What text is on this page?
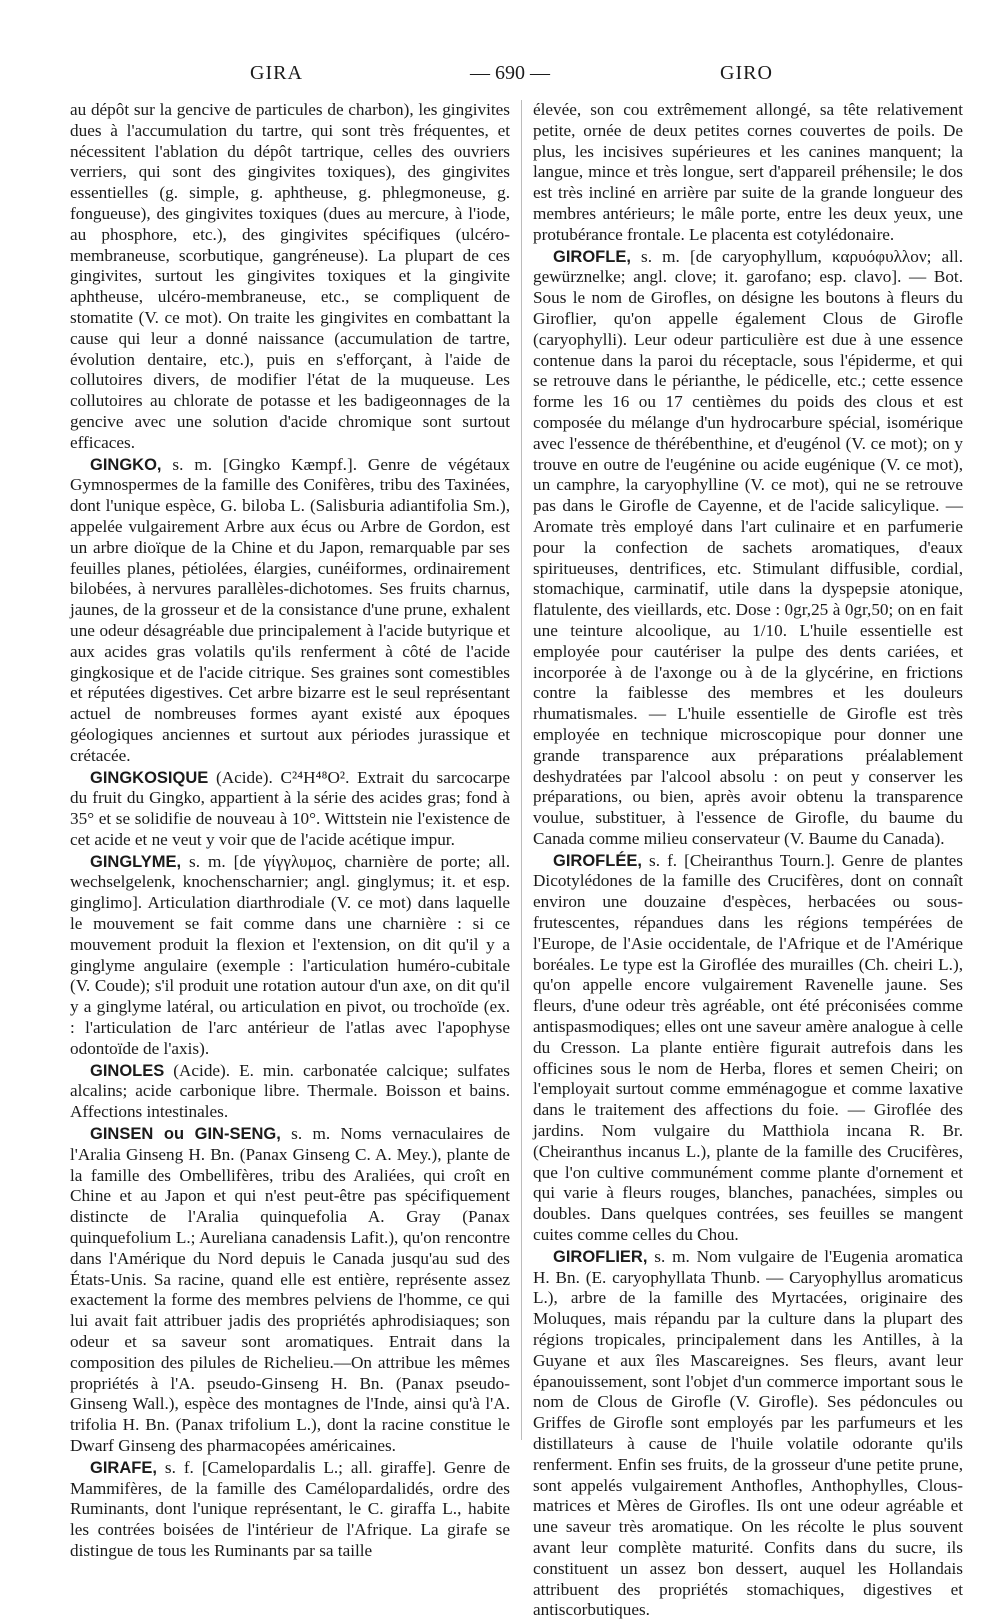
GIRA	— 690 —	GIRO

au dépôt sur la gencive de particules de charbon), les gingivites dues à l'accumulation du tartre, qui sont très fréquentes, et nécessitent l'ablation du dépôt tartrique, celles des ouvriers verriers, qui sont des gingivites toxiques), des gingivites essentielles (g. simple, g. aphtheuse, g. phlegmoneuse, g. fongueuse), des gingivites toxiques (dues au mercure, à l'iode, au phosphore, etc.), des gingivites spécifiques (ulcéro-membraneuse, scorbutique, gangréneuse). La plupart de ces gingivites, surtout les gingivites toxiques et la gingivite aphtheuse, ulcéro-membraneuse, etc., se compliquent de stomatite (V. ce mot). On traite les gingivites en combattant la cause qui leur a donné naissance (accumulation de tartre, évolution dentaire, etc.), puis en s'efforçant, à l'aide de collutoires divers, de modifier l'état de la muqueuse. Les collutoires au chlorate de potasse et les badigeonnages de la gencive avec une solution d'acide chromique sont surtout efficaces.

GINGKO, s. m. [Gingko Kæmpf.]. Genre de végétaux Gymnospermes de la famille des Conifères, tribu des Taxinées, dont l'unique espèce, G. biloba L. (Salisburia adiantifolia Sm.), appelée vulgairement Arbre aux écus ou Arbre de Gordon, est un arbre dioïque de la Chine et du Japon, remarquable par ses feuilles planes, pétiolées, élargies, cunéiformes, ordinairement bilobées, à nervures parallèles-dichotomes. Ses fruits charnus, jaunes, de la grosseur et de la consistance d'une prune, exhalent une odeur désagréable due principalement à l'acide butyrique et aux acides gras volatils qu'ils renferment à côté de l'acide gingkosique et de l'acide citrique. Ses graines sont comestibles et réputées digestives. Cet arbre bizarre est le seul représentant actuel de nombreuses formes ayant existé aux époques géologiques anciennes et surtout aux périodes jurassique et crétacée.

GINGKOSIQUE (Acide). C²⁴H⁴⁸O². Extrait du sarcocarpe du fruit du Gingko, appartient à la série des acides gras; fond à 35° et se solidifie de nouveau à 10°. Wittstein nie l'existence de cet acide et ne veut y voir que de l'acide acétique impur.

GINGLYME, s. m. [de γίγγλυμος, charnière de porte; all. wechselgelenk, knochenscharnier; angl. ginglymus; it. et esp. ginglimo]. Articulation diarthrodiale (V. ce mot) dans laquelle le mouvement se fait comme dans une charnière : si ce mouvement produit la flexion et l'extension, on dit qu'il y a ginglyme angulaire (exemple : l'articulation huméro-cubitale (V. Coude); s'il produit une rotation autour d'un axe, on dit qu'il y a ginglyme latéral, ou articulation en pivot, ou trochoïde (ex. : l'articulation de l'arc antérieur de l'atlas avec l'apophyse odontoïde de l'axis).

GINOLES (Acide). E. min. carbonatée calcique; sulfates alcalins; acide carbonique libre. Thermale. Boisson et bains. Affections intestinales.

GINSEN ou GIN-SENG, s. m. Noms vernaculaires de l'Aralia Ginseng H. Bn. (Panax Ginseng C. A. Mey.), plante de la famille des Ombellifères, tribu des Araliées, qui croît en Chine et au Japon et qui n'est peut-être pas spécifiquement distincte de l'Aralia quinquefolia A. Gray (Panax quinquefolium L.; Aureliana canadensis Lafit.), qu'on rencontre dans l'Amérique du Nord depuis le Canada jusqu'au sud des États-Unis. Sa racine, quand elle est entière, représente assez exactement la forme des membres pelviens de l'homme, ce qui lui avait fait attribuer jadis des propriétés aphrodisiaques; son odeur et sa saveur sont aromatiques. Entrait dans la composition des pilules de Richelieu.—On attribue les mêmes propriétés à l'A. pseudo-Ginseng H. Bn. (Panax pseudo-Ginseng Wall.), espèce des montagnes de l'Inde, ainsi qu'à l'A. trifolia H. Bn. (Panax trifolium L.), dont la racine constitue le Dwarf Ginseng des pharmacopées américaines.

GIRAFE, s. f. [Camelopardalis L.; all. giraffe]. Genre de Mammifères, de la famille des Camélopardalidés, ordre des Ruminants, dont l'unique représentant, le C. giraffa L., habite les contrées boisées de l'intérieur de l'Afrique. La girafe se distingue de tous les Ruminants par sa taille

élevée, son cou extrêmement allongé, sa tête relativement petite, ornée de deux petites cornes couvertes de poils. De plus, les incisives supérieures et les canines manquent; la langue, mince et très longue, sert d'appareil préhensile; le dos est très incliné en arrière par suite de la grande longueur des membres antérieurs; le mâle porte, entre les deux yeux, une protubérance frontale. Le placenta est cotylédonaire.

GIROFLE, s. m. [de caryophyllum, καρυόφυλλον; all. gewürznelke; angl. clove; it. garofano; esp. clavo]. — Bot. Sous le nom de Girofles, on désigne les boutons à fleurs du Giroflier, qu'on appelle également Clous de Girofle (caryophylli). Leur odeur particulière est due à une essence contenue dans la paroi du réceptacle, sous l'épiderme, et qui se retrouve dans le périanthe, le pédicelle, etc.; cette essence forme les 16 ou 17 centièmes du poids des clous et est composée du mélange d'un hydrocarbure spécial, isomérique avec l'essence de thérébenthine, et d'eugénol (V. ce mot); on y trouve en outre de l'eugénine ou acide eugénique (V. ce mot), un camphre, la caryophylline (V. ce mot), qui ne se retrouve pas dans le Girofle de Cayenne, et de l'acide salicylique. — Aromate très employé dans l'art culinaire et en parfumerie pour la confection de sachets aromatiques, d'eaux spiritueuses, dentrifices, etc. Stimulant diffusible, cordial, stomachique, carminatif, utile dans la dyspepsie atonique, flatulente, des vieillards, etc. Dose : 0gr,25 à 0gr,50; on en fait une teinture alcoolique, au 1/10. L'huile essentielle est employée pour cautériser la pulpe des dents cariées, et incorporée à de l'axonge ou à de la glycérine, en frictions contre la faiblesse des membres et les douleurs rhumatismales. — L'huile essentielle de Girofle est très employée en technique microscopique pour donner une grande transparence aux préparations préalablement deshydratées par l'alcool absolu : on peut y conserver les préparations, ou bien, après avoir obtenu la transparence voulue, substituer, à l'essence de Girofle, du baume du Canada comme milieu conservateur (V. Baume du Canada).

GIROFLÉE, s. f. [Cheiranthus Tourn.]. Genre de plantes Dicotylédones de la famille des Crucifères, dont on connaît environ une douzaine d'espèces, herbacées ou sous-frutescentes, répandues dans les régions tempérées de l'Europe, de l'Asie occidentale, de l'Afrique et de l'Amérique boréales. Le type est la Giroflée des murailles (Ch. cheiri L.), qu'on appelle encore vulgairement Ravenelle jaune. Ses fleurs, d'une odeur très agréable, ont été préconisées comme antispasmodiques; elles ont une saveur amère analogue à celle du Cresson. La plante entière figurait autrefois dans les officines sous le nom de Herba, flores et semen Cheiri; on l'employait surtout comme emménagogue et comme laxative dans le traitement des affections du foie. — Giroflée des jardins. Nom vulgaire du Matthiola incana R. Br. (Cheiranthus incanus L.), plante de la famille des Crucifères, que l'on cultive communément comme plante d'ornement et qui varie à fleurs rouges, blanches, panachées, simples ou doubles. Dans quelques contrées, ses feuilles se mangent cuites comme celles du Chou.

GIROFLIER, s. m. Nom vulgaire de l'Eugenia aromatica H. Bn. (E. caryophyllata Thunb. — Caryophyllus aromaticus L.), arbre de la famille des Myrtacées, originaire des Moluques, mais répandu par la culture dans la plupart des régions tropicales, principalement dans les Antilles, à la Guyane et aux îles Mascareignes. Ses fleurs, avant leur épanouissement, sont l'objet d'un commerce important sous le nom de Clous de Girofle (V. Girofle). Ses pédoncules ou Griffes de Girofle sont employés par les parfumeurs et les distillateurs à cause de l'huile volatile odorante qu'ils renferment. Enfin ses fruits, de la grosseur d'une petite prune, sont appelés vulgairement Anthofles, Anthophylles, Clous-matrices et Mères de Girofles. Ils ont une odeur agréable et une saveur très aromatique. On les récolte le plus souvent avant leur complète maturité. Confits dans du sucre, ils constituent un assez bon dessert, auquel les Hollandais attribuent des propriétés stomachiques, digestives et antiscorbutiques.
